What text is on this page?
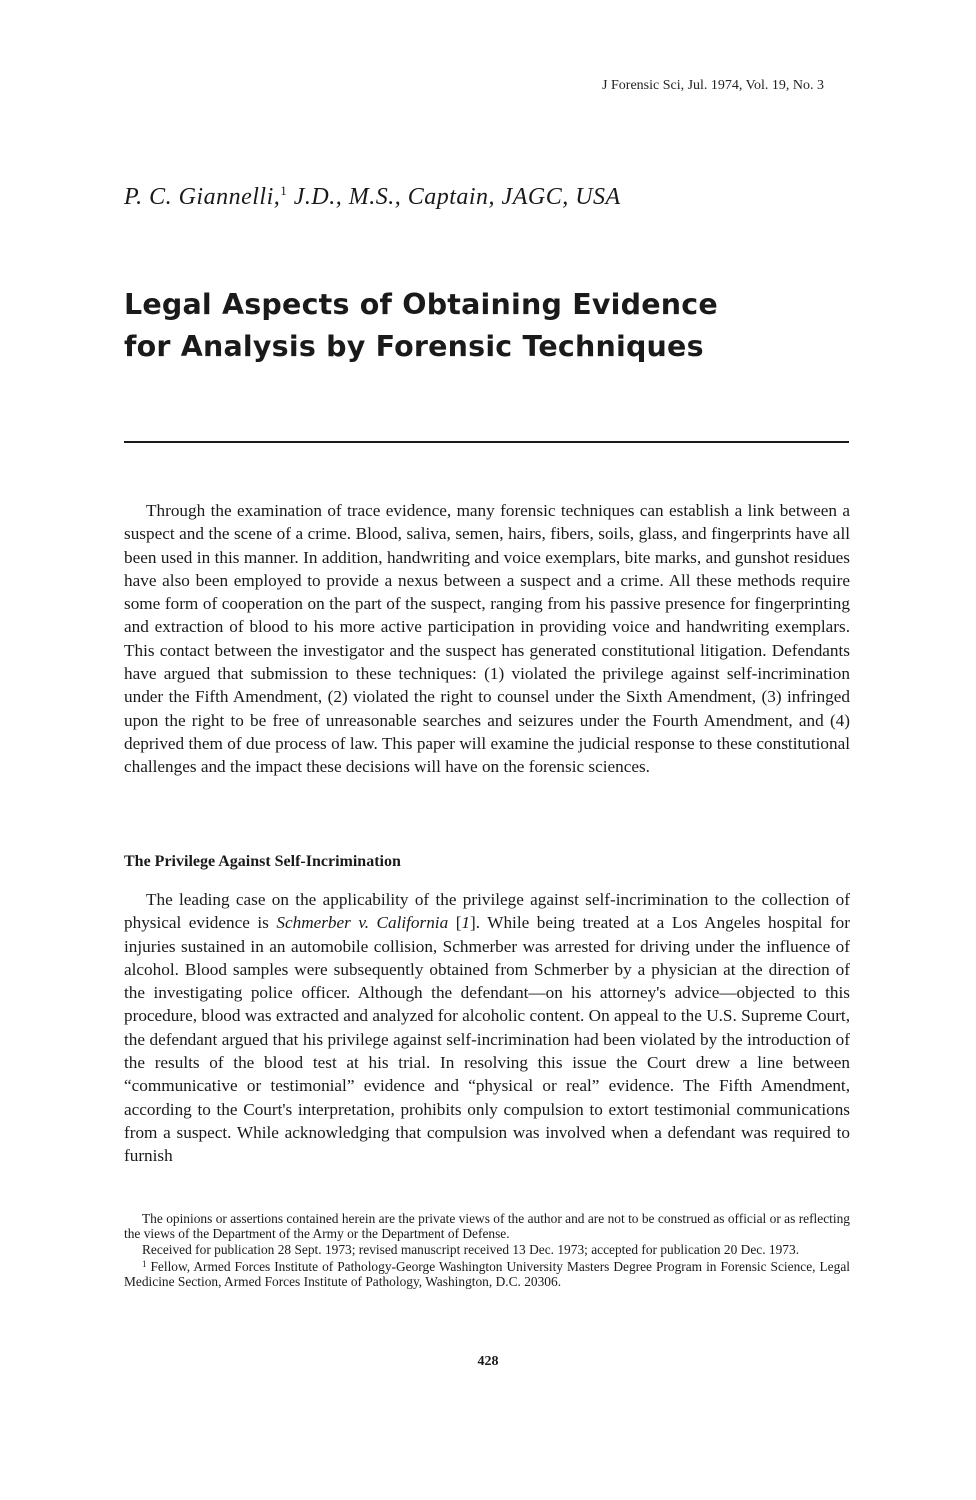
J Forensic Sci, Jul. 1974, Vol. 19, No. 3
P. C. Giannelli,$^1$ J.D., M.S., Captain, JAGC, USA
Legal Aspects of Obtaining Evidence
for Analysis by Forensic Techniques

Through the examination of trace evidence, many forensic techniques can establish a link between a suspect and the scene of a crime. Blood, saliva, semen, hairs, fibers, soils, glass, and fingerprints have all been used in this manner. In addition, handwriting and voice exemplars, bite marks, and gunshot residues have also been employed to provide a nexus between a suspect and a crime. All these methods require some form of cooperation on the part of the suspect, ranging from his passive presence for fingerprinting and extraction of blood to his more active participation in providing voice and handwriting exemplars. This contact between the investigator and the suspect has generated constitutional litigation. Defendants have argued that submission to these techniques: (1) violated the privilege against self-incrimination under the Fifth Amendment, (2) violated the right to counsel under the Sixth Amendment, (3) infringed upon the right to be free of unreasonable searches and seizures under the Fourth Amendment, and (4) deprived them of due process of law. This paper will examine the judicial response to these constitutional challenges and the impact these decisions will have on the forensic sciences.

The Privilege Against Self-Incrimination

The leading case on the applicability of the privilege against self-incrimination to the collection of physical evidence is Schmerber v. California [1]. While being treated at a Los Angeles hospital for injuries sustained in an automobile collision, Schmerber was arrested for driving under the influence of alcohol. Blood samples were subsequently obtained from Schmerber by a physician at the direction of the investigating police officer. Although the defendant—on his attorney's advice—objected to this procedure, blood was extracted and analyzed for alcoholic content. On appeal to the U.S. Supreme Court, the defendant argued that his privilege against self-incrimination had been violated by the introduction of the results of the blood test at his trial. In resolving this issue the Court drew a line between “communicative or testimonial” evidence and “physical or real” evidence. The Fifth Amendment, according to the Court's interpretation, prohibits only compulsion to extort testimonial communications from a suspect. While acknowledging that compulsion was involved when a defendant was required to furnish

The opinions or assertions contained herein are the private views of the author and are not to be construed as official or as reflecting the views of the Department of the Army or the Department of Defense.

Received for publication 28 Sept. 1973; revised manuscript received 13 Dec. 1973; accepted for publication 20 Dec. 1973.

$^1$ Fellow, Armed Forces Institute of Pathology-George Washington University Masters Degree Program in Forensic Science, Legal Medicine Section, Armed Forces Institute of Pathology, Washington, D.C. 20306.

428
